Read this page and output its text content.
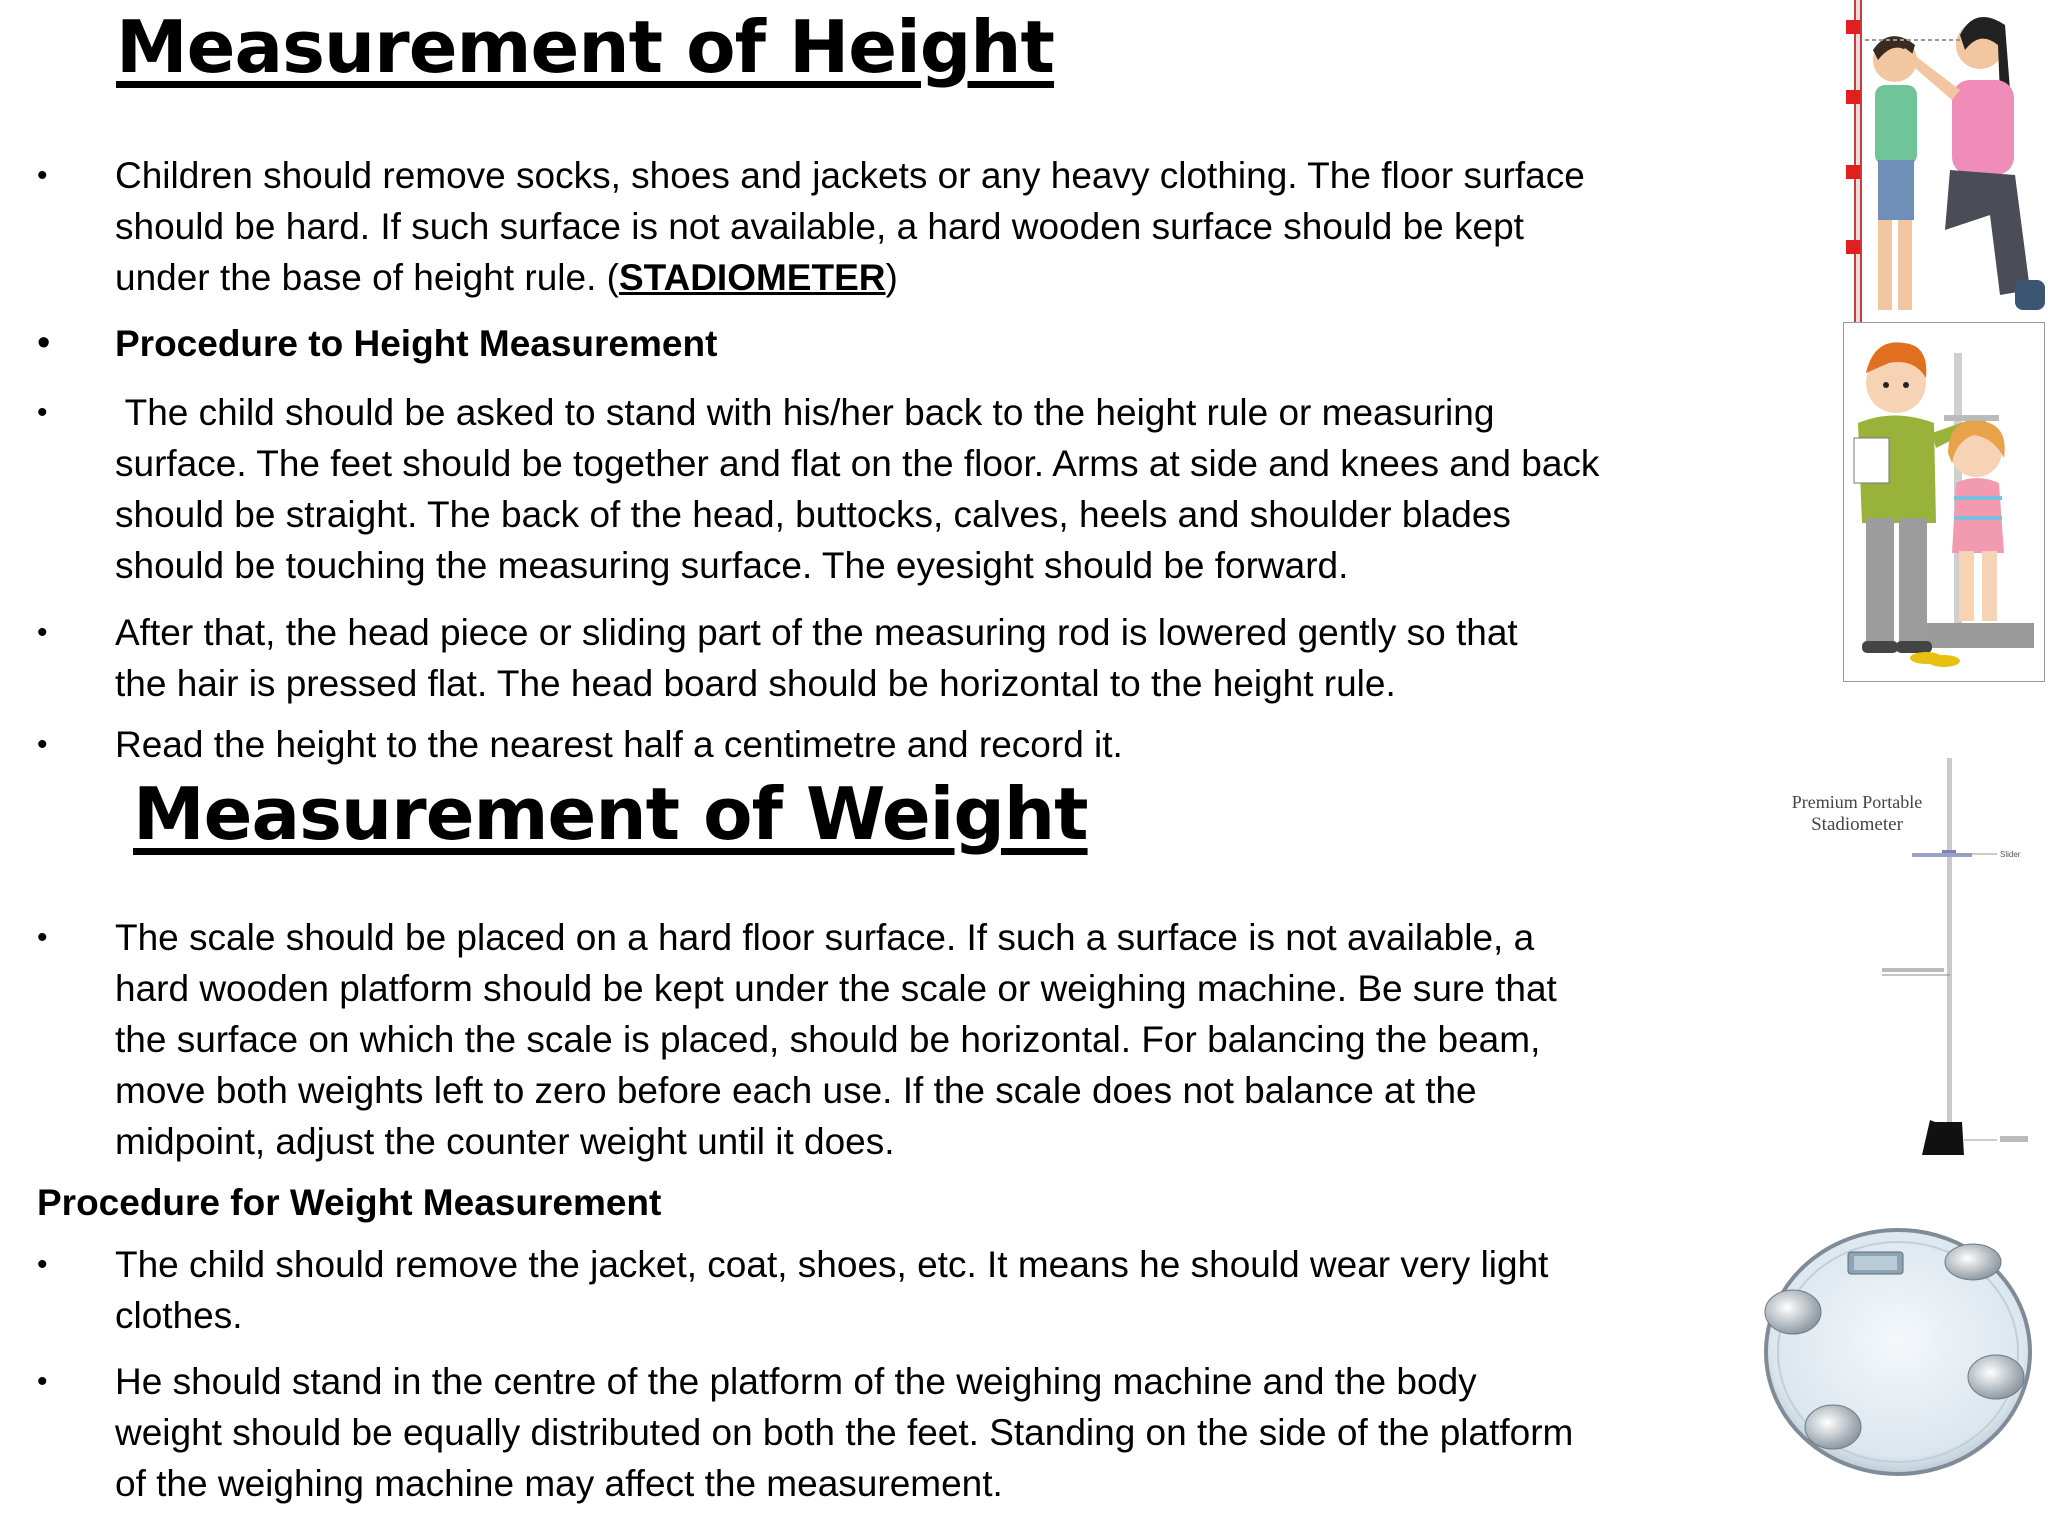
Measurement of Height
•	Children should remove socks, shoes and jackets or any heavy clothing. The floor surface
should be hard. If such surface is not available, a hard wooden surface should be kept
under the base of height rule. (STADIOMETER)
•	Procedure to Height Measurement
•	The child should be asked to stand with his/her back to the height rule or measuring
surface. The feet should be together and flat on the floor. Arms at side and knees and back
should be straight. The back of the head, buttocks, calves, heels and shoulder blades
should be touching the measuring surface. The eyesight should be forward.
•	After that, the head piece or sliding part of the measuring rod is lowered gently so that
the hair is pressed flat. The head board should be horizontal to the height rule.
•	Read the height to the nearest half a centimetre and record it.
Measurement of Weight
•	The scale should be placed on a hard floor surface. If such a surface is not available, a
hard wooden platform should be kept under the scale or weighing machine. Be sure that
the surface on which the scale is placed, should be horizontal. For balancing the beam,
move both weights left to zero before each use. If the scale does not balance at the
midpoint, adjust the counter weight until it does.
Procedure for Weight Measurement
•	The child should remove the jacket, coat, shoes, etc. It means he should wear very light
clothes.
•	He should stand in the centre of the platform of the weighing machine and the body
weight should be equally distributed on both the feet. Standing on the side of the platform
of the weighing machine may affect the measurement.
Premium Portable
Stadiometer
Slider
